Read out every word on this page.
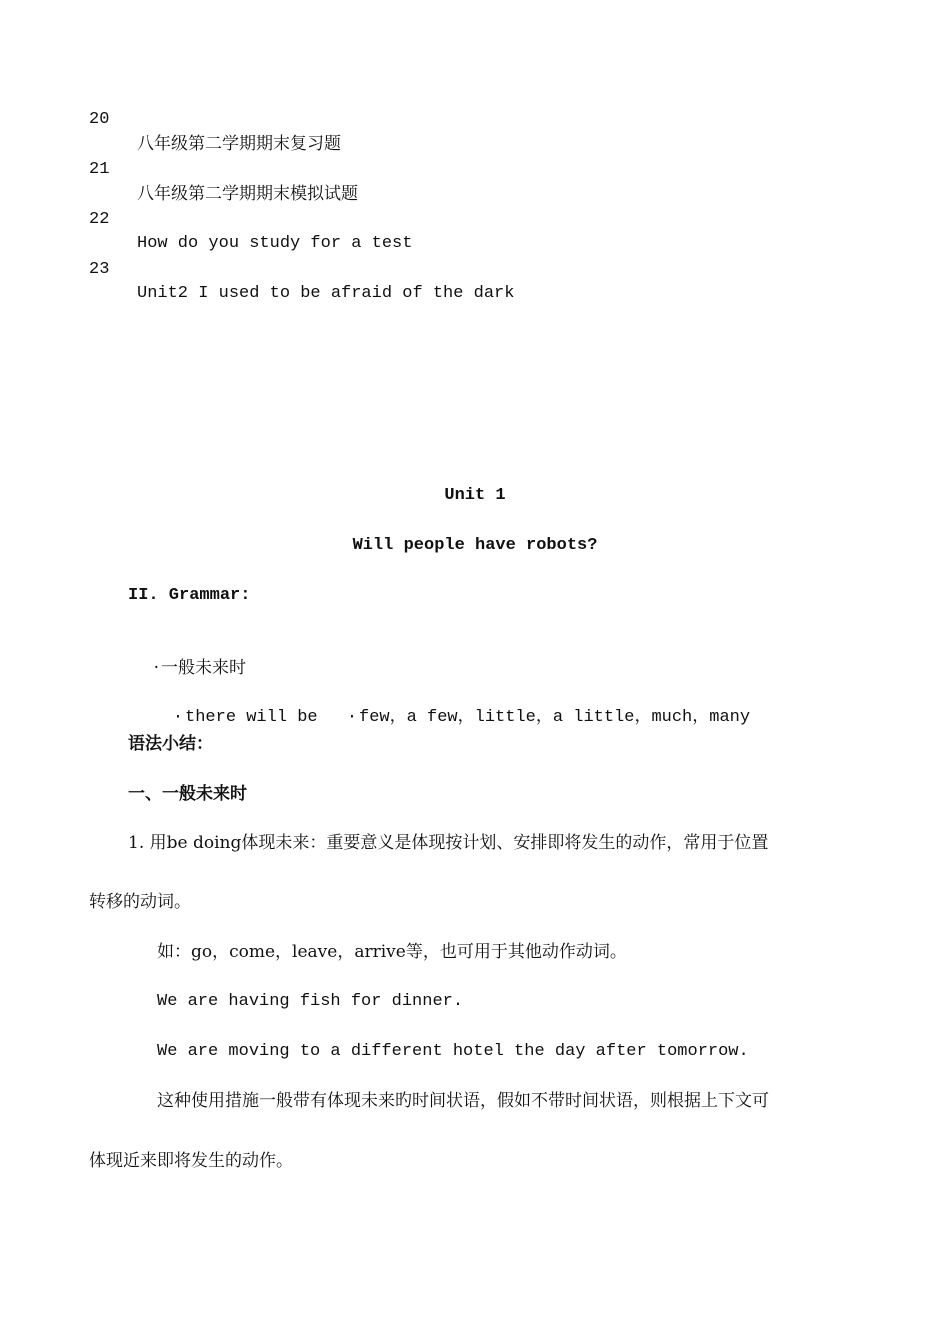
20

八年级第二学期期末复习题

21

八年级第二学期期末模拟试题

22

How do you study for a test

23

Unit2 I used to be afraid of the dark

Unit 1
Will people have robots?
II. Grammar:

· 一般未来时

· there will be
	· few，a few，little，a little，much，many

语法小结：
一、一般未来时
1. 用be doing体现未来：重要意义是体现按计划、安排即将发生的动作，常用于位置
转移的动词。
如：go，come，leave，arrive等，也可用于其他动作动词。
We are having fish for dinner.
We are moving to a different hotel the day after tomorrow.
这种使用措施一般带有体现未来旳时间状语，假如不带时间状语，则根据上下文可
体现近来即将发生的动作。
